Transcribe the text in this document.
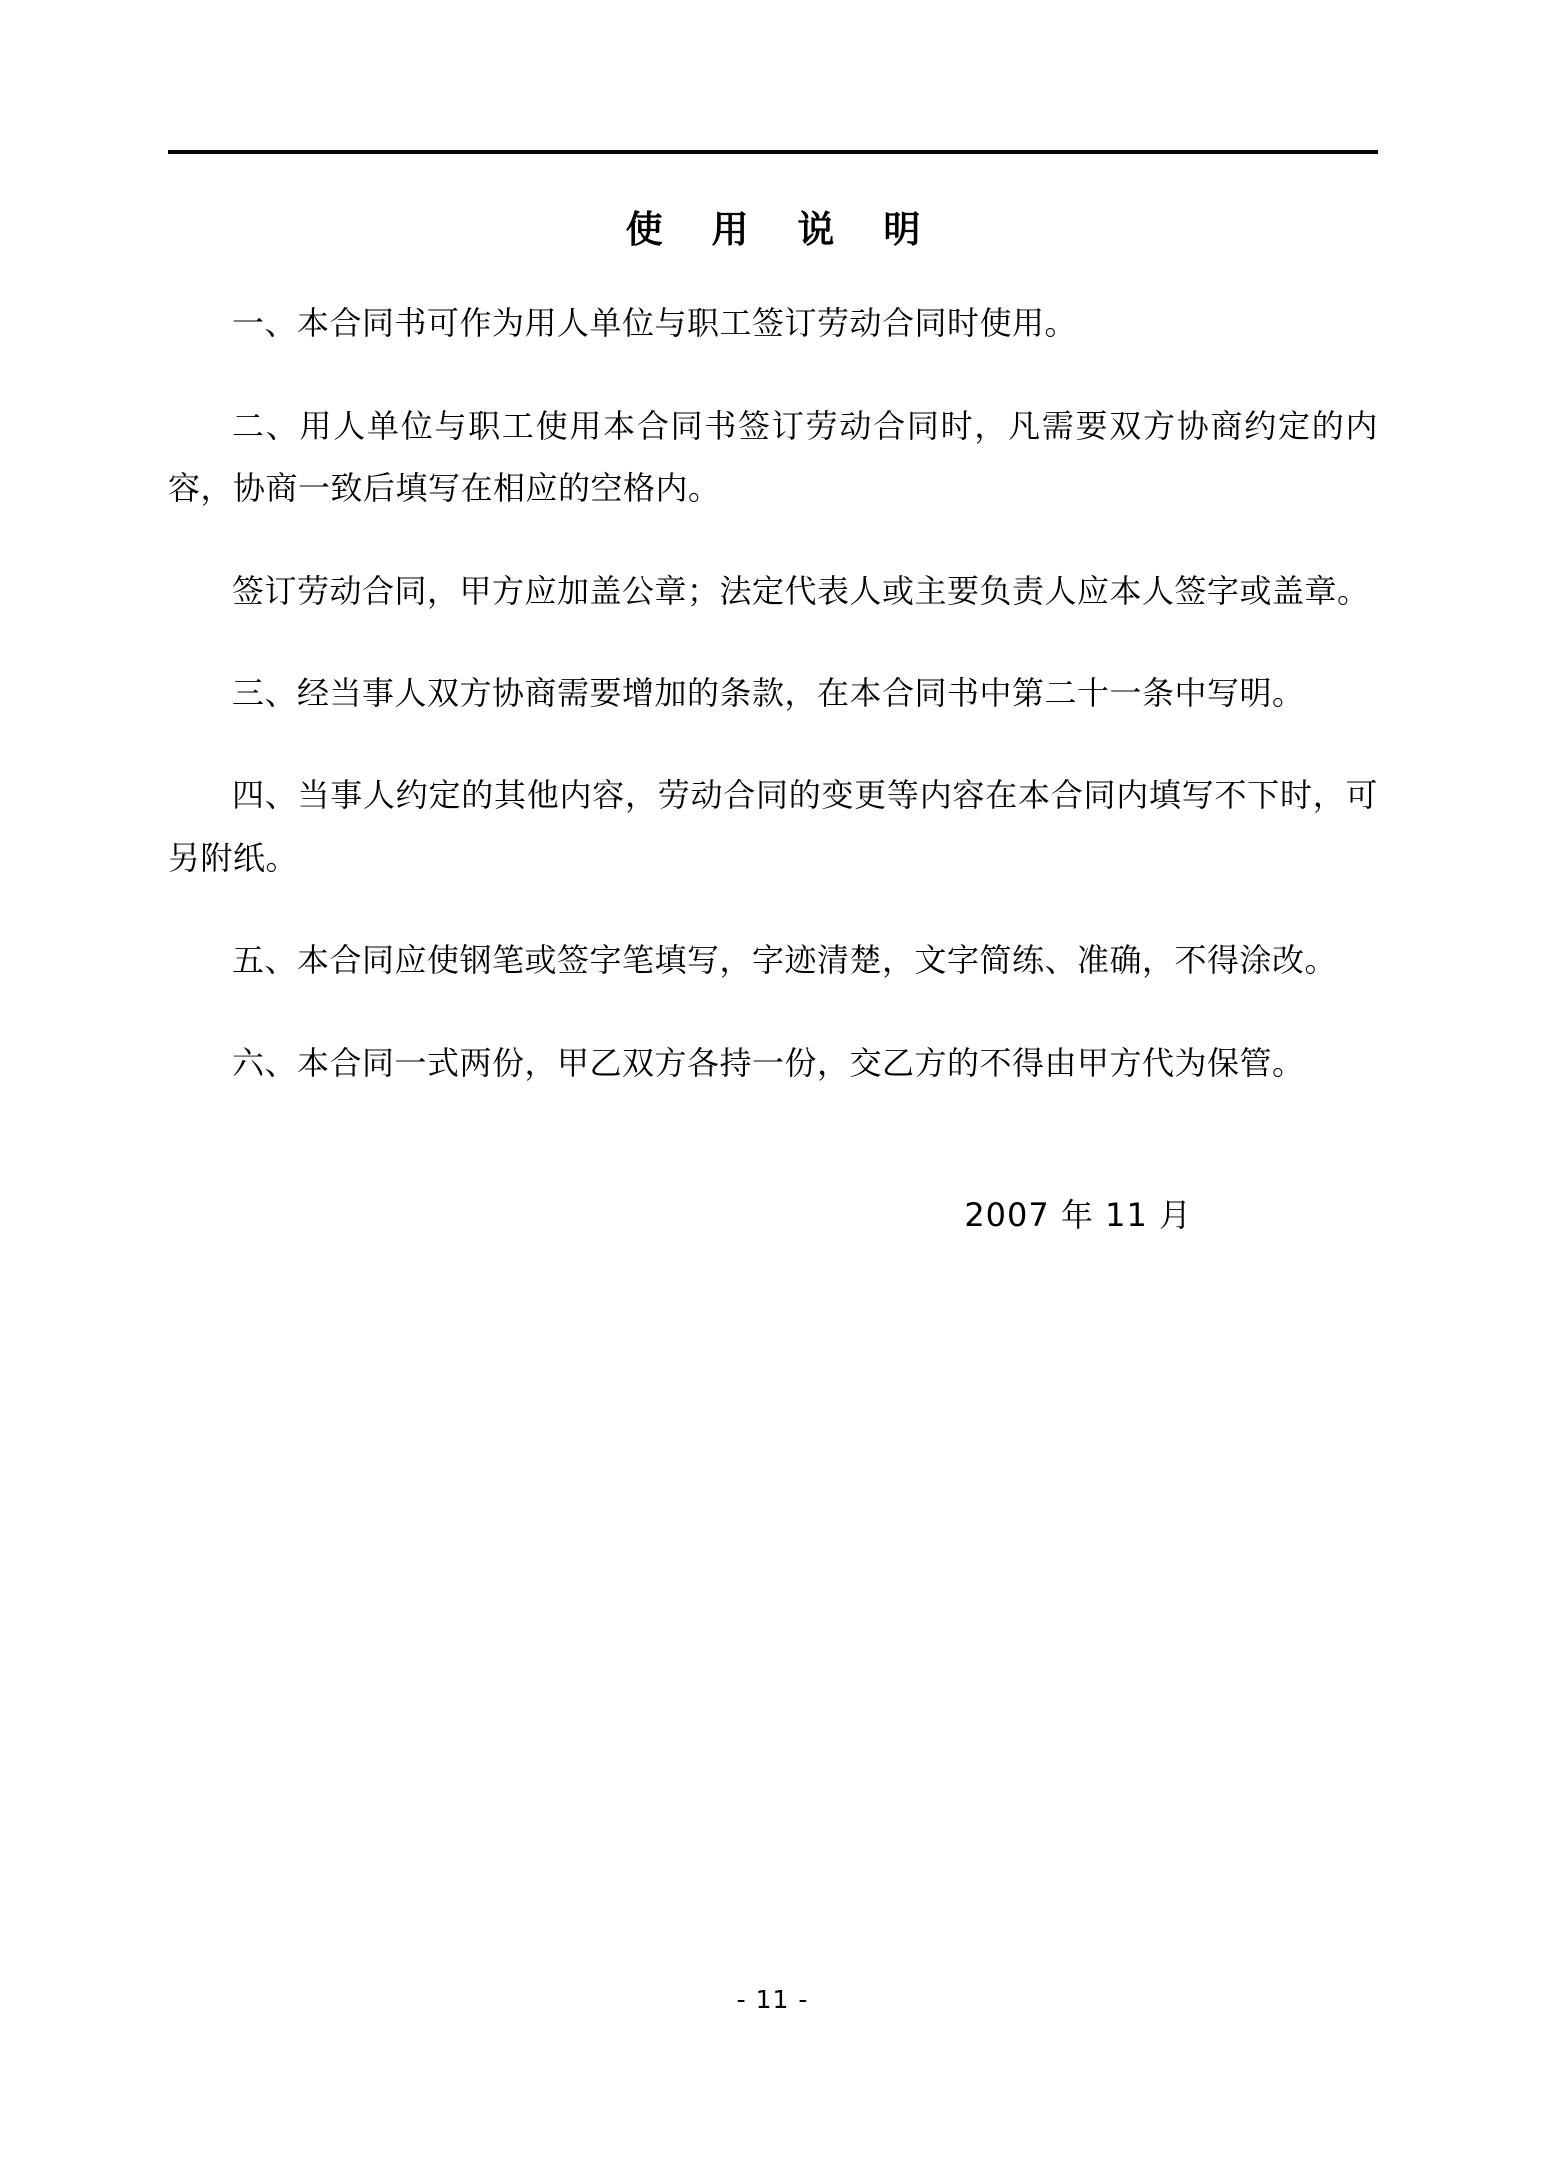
使 用 说 明

一、本合同书可作为用人单位与职工签订劳动合同时使用。

二、用人单位与职工使用本合同书签订劳动合同时，凡需要双方协商约定的内容，协商一致后填写在相应的空格内。

签订劳动合同，甲方应加盖公章；法定代表人或主要负责人应本人签字或盖章。

三、经当事人双方协商需要增加的条款，在本合同书中第二十一条中写明。

四、当事人约定的其他内容，劳动合同的变更等内容在本合同内填写不下时，可另附纸。

五、本合同应使钢笔或签字笔填写，字迹清楚，文字简练、准确，不得涂改。

六、本合同一式两份，甲乙双方各持一份，交乙方的不得由甲方代为保管。

2007 年 11 月
- 11 -
